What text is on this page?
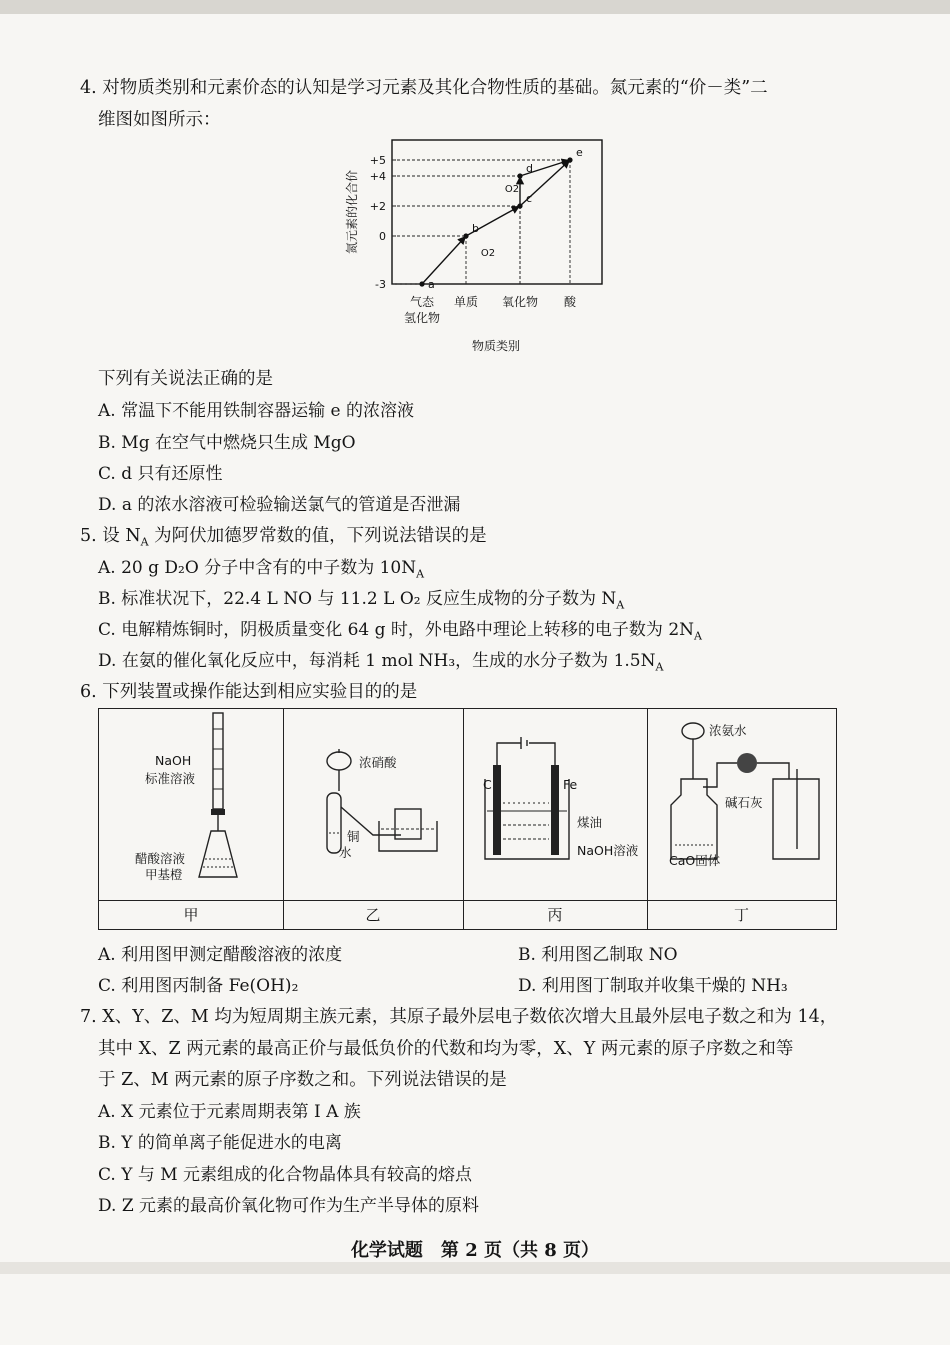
4. 对物质类别和元素价态的认知是学习元素及其化合物性质的基础。氮元素的“价－类”二
维图如图所示：
+5
+4
+2
0
-3	a
b
c
d
e
O2
O2
气态
氢化物
单质 氧化物 酸
物质类别
氮元素的化合价
下列有关说法正确的是
A. 常温下不能用铁制容器运输 e 的浓溶液
B. Mg 在空气中燃烧只生成 MgO
C. d 只有还原性
D. a 的浓水溶液可检验输送氯气的管道是否泄漏
5. 设 $N_A$ 为阿伏加德罗常数的值，下列说法错误的是
A. 20 g D₂O 分子中含有的中子数为 $10N_A$
B. 标准状况下，22.4 L NO 与 11.2 L O₂ 反应生成物的分子数为 $N_A$
C. 电解精炼铜时，阴极质量变化 64 g 时，外电路中理论上转移的电子数为 $2N_A$
D. 在氨的催化氧化反应中，每消耗 1 mol NH₃，生成的水分子数为 $1.5N_A$
6. 下列装置或操作能达到相应实验目的的是
NaOH
标准溶液
醋酸溶液
甲基橙
甲
浓硝酸
铜
水
乙
C	Fe
煤油
NaOH溶液
丙
浓氨水
碱石灰
CaO固体
丁
A. 利用图甲测定醋酸溶液的浓度	B. 利用图乙制取 NO
C. 利用图丙制备 Fe(OH)₂	D. 利用图丁制取并收集干燥的 NH₃
7. X、Y、Z、M 均为短周期主族元素，其原子最外层电子数依次增大且最外层电子数之和为 14，
其中 X、Z 两元素的最高正价与最低负价的代数和均为零，X、Y 两元素的原子序数之和等
于 Z、M 两元素的原子序数之和。下列说法错误的是
A. X 元素位于元素周期表第 Ⅰ A 族
B. Y 的简单离子能促进水的电离
C. Y 与 M 元素组成的化合物晶体具有较高的熔点
D. Z 元素的最高价氧化物可作为生产半导体的原料
化学试题　第 2 页（共 8 页）
